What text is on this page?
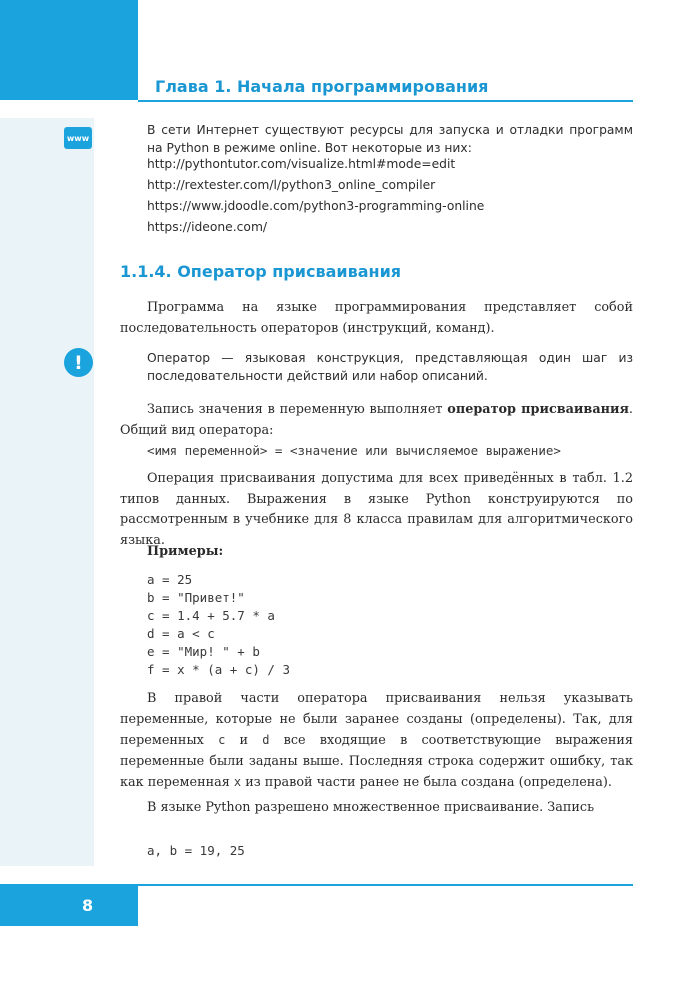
Глава 1. Начала программирования
www
В сети Интернет существуют ресурсы для запуска и отладки программ на Python в режиме online. Вот некоторые из них:
http://pythontutor.com/visualize.html#mode=edit
http://rextester.com/l/python3_online_compiler
https://www.jdoodle.com/python3-programming-online
https://ideone.com/
1.1.4. Оператор присваивания
Программа на языке программирования представляет собой последовательность операторов (инструкций, команд).
!	Оператор — языковая конструкция, представляющая один шаг из последовательности действий или набор описаний.
Запись значения в переменную выполняет оператор присваивания. Общий вид оператора:
<имя переменной> = <значение или вычисляемое выражение>
Операция присваивания допустима для всех приведённых в табл. 1.2 типов данных. Выражения в языке Python конструируются по рассмотренным в учебнике для 8 класса правилам для алгоритмического языка.
Примеры:
a = 25
b = "Привет!"
c = 1.4 + 5.7 * a
d = a < c
e = "Мир! " + b
f = x * (a + c) / 3
В правой части оператора присваивания нельзя указывать переменные, которые не были заранее созданы (определены). Так, для переменных c и d все входящие в соответствующие выражения переменные были заданы выше. Последняя строка содержит ошибку, так как переменная x из правой части ранее не была создана (определена).
В языке Python разрешено множественное присваивание. Запись
a, b = 19, 25
8
